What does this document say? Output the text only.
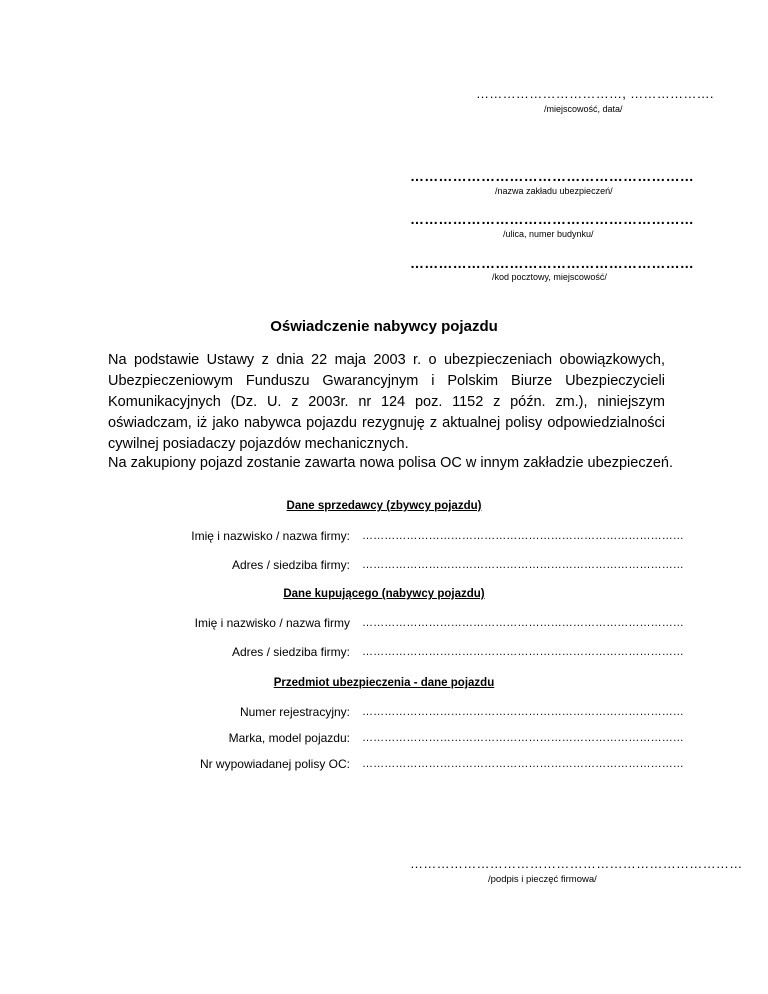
……………………………, ……………….
/miejscowość, data/
……………………………………………………
/nazwa zakładu ubezpieczeń/
……………………………………………………
/ulica, numer budynku/
……………………………………………………
/kod pocztowy, miejscowość/
Oświadczenie nabywcy pojazdu
Na podstawie Ustawy z dnia 22 maja 2003 r. o ubezpieczeniach obowiązkowych, Ubezpieczeniowym Funduszu Gwarancyjnym i Polskim Biurze Ubezpieczycieli Komunikacyjnych (Dz. U. z 2003r. nr 124 poz. 1152 z późn. zm.), niniejszym oświadczam, iż jako nabywca pojazdu rezygnuję z aktualnej polisy odpowiedzialności cywilnej posiadaczy pojazdów mechanicznych.
Na zakupiony pojazd zostanie zawarta nowa polisa OC w innym zakładzie ubezpieczeń.
Dane sprzedawcy (zbywcy pojazdu)
Imię i nazwisko / nazwa firmy: ……………………………………………………………………………
Adres / siedziba firmy: ……………………………………………………………………………
Dane kupującego (nabywcy pojazdu)
Imię i nazwisko / nazwa firmy ……………………………………………………………………………
Adres / siedziba firmy: ……………………………………………………………………………
Przedmiot ubezpieczenia - dane pojazdu
Numer rejestracyjny: ……………………………………………………………………………
Marka, model pojazdu: ……………………………………………………………………………
Nr wypowiadanej polisy OC: ……………………………………………………………………………
…………………………………………………………………
/podpis i pieczęć firmowa/
